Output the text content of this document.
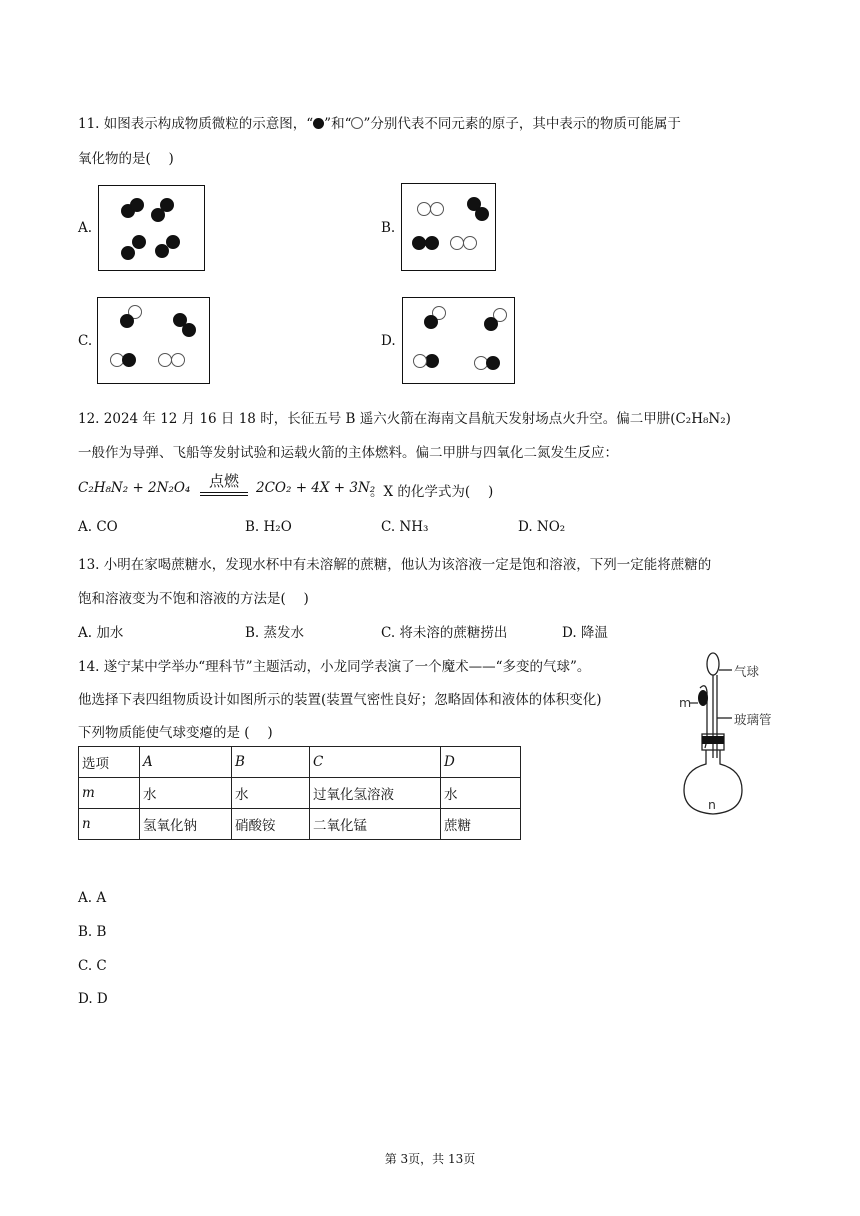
11. 如图表示构成物质微粒的示意图，“ ”和“ ”分别代表不同元素的原子，其中表示的物质可能属于
氧化物的是(　 )
A.	B.
C.	D.
12. 2024 年 12 月 16 日 18 时，长征五号 B 遥六火箭在海南文昌航天发射场点火升空。偏二甲肼(C₂H₈N₂)
一般作为导弹、飞船等发射试验和运载火箭的主体燃料。偏二甲肼与四氧化二氮发生反应：
C₂H₈N₂ + 2N₂O₄	点燃	2CO₂ + 4X + 3N₂
。X 的化学式为(　 )
A. CO	B. H₂O	C. NH₃	D. NO₂
13. 小明在家喝蔗糖水，发现水杯中有未溶解的蔗糖，他认为该溶液一定是饱和溶液，下列一定能将蔗糖的
饱和溶液变为不饱和溶液的方法是(　 )
A. 加水	B. 蒸发水	C. 将未溶的蔗糖捞出	D. 降温
14. 遂宁某中学举办“理科节”主题活动，小龙同学表演了一个魔术——“多变的气球”。
他选择下表四组物质设计如图所示的装置(装置气密性良好；忽略固体和液体的体积变化)
下列物质能使气球变瘪的是 (　 )
选项	A	B	C	D
m	水	水	过氧化氢溶液	水
n	氢氧化钠	硝酸铵	二氧化锰	蔗糖
气球
玻璃管
m
n
A. A
B. B
C. C
D. D
第 3页，共 13页
